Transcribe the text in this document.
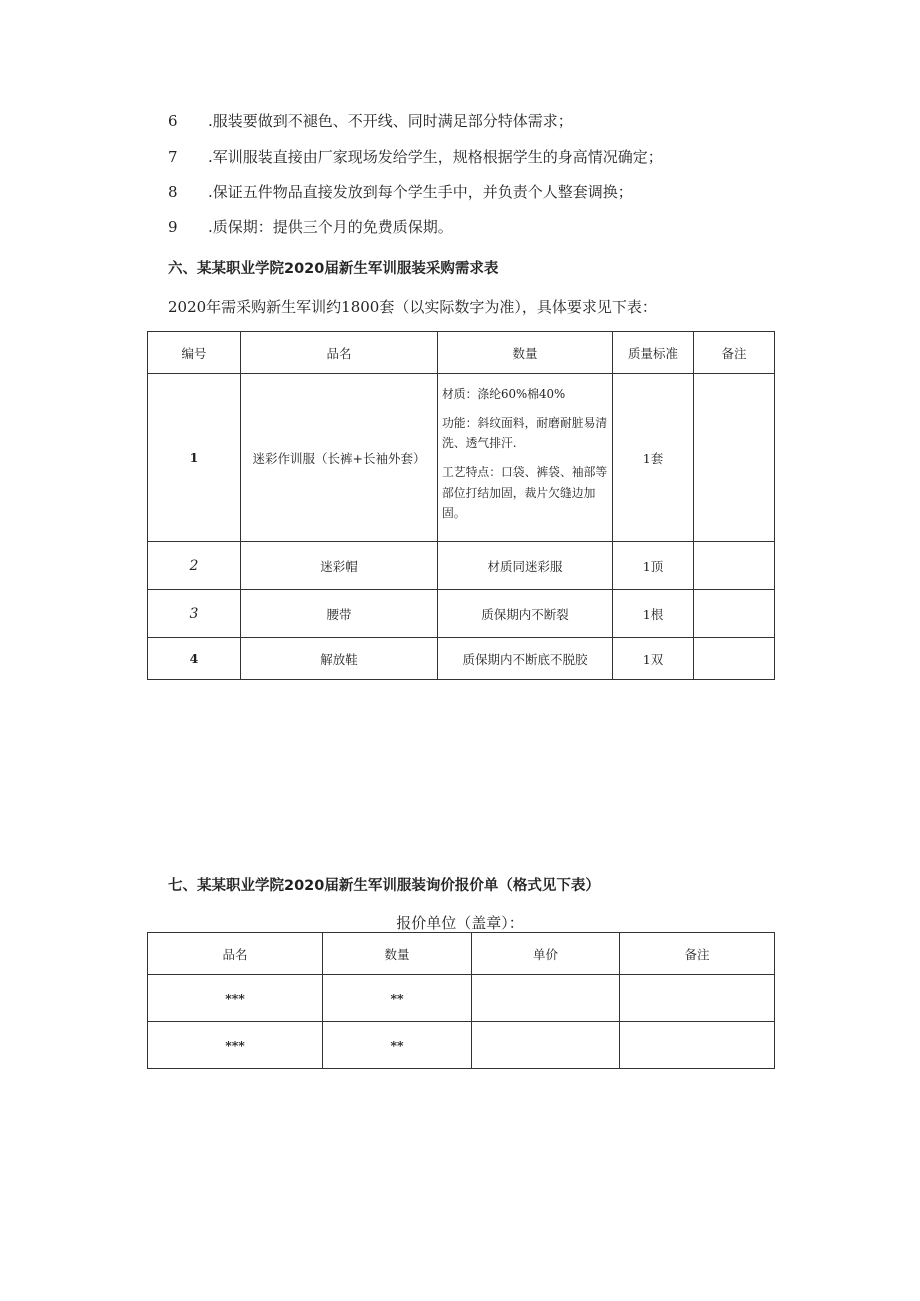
6 .服装要做到不褪色、不开线、同时满足部分特体需求；
7 .军训服装直接由厂家现场发给学生，规格根据学生的身高情况确定；
8 .保证五件物品直接发放到每个学生手中，并负责个人整套调换；
9 .质保期：提供三个月的免费质保期。
六、某某职业学院2020届新生军训服装采购需求表
2020年需采购新生军训约1800套（以实际数字为准），具体要求见下表：
编号	品名	数量	质量标准	备注
1	迷彩作训服（长裤+长袖外套）	材质：涤纶60%棉40%

功能：斜纹面料，耐磨耐脏易清洗、透气排汗.

工艺特点：口袋、裤袋、袖部等部位打结加固，裁片欠缝边加固。	1套	
2	迷彩帽	材质同迷彩服	1顶	
3	腰带	质保期内不断裂	1根	
4	解放鞋	质保期内不断底不脱胶	1双	
七、某某职业学院2020届新生军训服装询价报价单（格式见下表）
报价单位（盖章）：
品名	数量	单价	备注
***	**		
***	**		
